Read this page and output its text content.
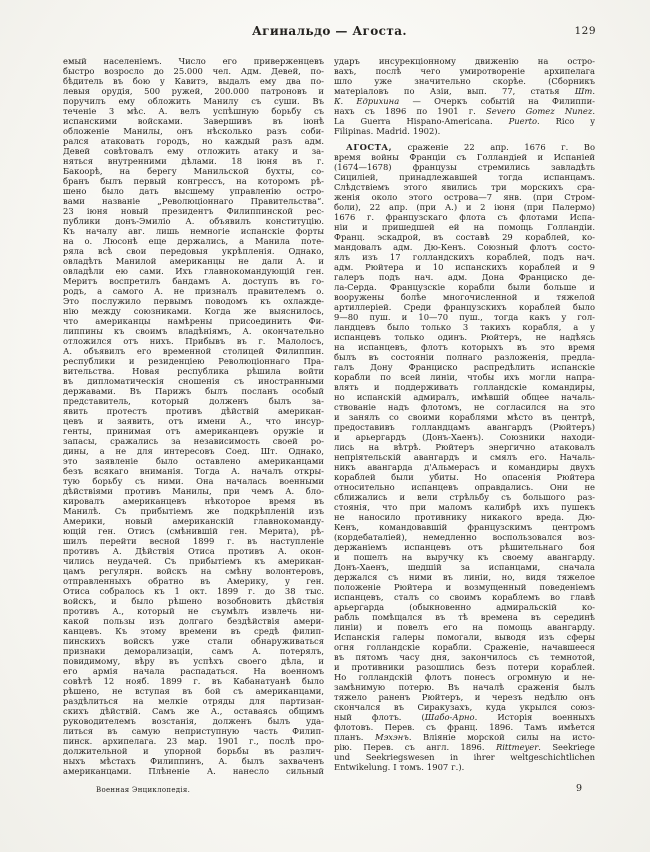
Агинальдо — Агоста.	129
емый населеніемъ. Число его приверженцевъ
быстро возросло до 25.000 чел. Адм. Девей, по-
бѣдитель въ бою у Кавитэ, выдалъ ему два по-
левыя орудія, 500 ружей, 200.000 патроновъ и
поручилъ ему обложить Манилу съ суши. Въ
теченіе 3 мѣс. А. велъ успѣшную борьбу съ
испанскими войсками. Завершивъ въ іюнѣ
обложеніе Манилы, онъ нѣсколько разъ соби-
рался атаковать городъ, но каждый разъ адм.
Девей совѣтовалъ ему отложить атаку и за-
няться внутренними дѣлами. 18 іюня въ г.
Бакоорѣ, на берегу Манильской бухты, со-
бранъ былъ первый конгрессъ, на которомъ рѣ-
шено было дать высшему управленію остро-
вами названіе „Революціоннаго Правительства“.
23 іюня новый президентъ Филиппинской рес-
публики донъ-Эмиліо А. объявилъ конституцію.
Къ началу авг. лишь немногіе испанскіе форты
на о. Люсонѣ еще держались, а Манила поте-
ряла всѣ свои передовыя укрѣпленія. Однако,
овладѣть Манилой американцы не дали А. и
овладѣли ею сами. Ихъ главнокомандующій ген.
Меритъ воспретилъ бандамъ А. доступъ въ го-
родъ, а самого А. не призналъ правителемъ о.
Это послужило первымъ поводомъ къ охлажде-
нію между союзниками. Когда же выяснилось,
что американцы намѣрены присоединить Фи-
липпины къ своимъ владѣніямъ, А. окончательно
отложился отъ нихъ. Прибывъ въ г. Малолосъ,
А. объявилъ его временной столицей Филиппин.
республики и резиденціею Революціоннаго Пра-
вительства. Новая республика рѣшила войти
въ дипломатическія сношенія съ иностранными
державами. Въ Парижъ былъ посланъ особый
представитель, который долженъ былъ за-
явить протестъ противъ дѣйствій американ-
цевъ и заявить, отъ имени А., что инсур-
генты, принимая отъ американцевъ оружіе и
запасы, сражались за независимость своей ро-
дины, а не для интересовъ Соед. Шт. Однако,
это заявленіе было оставлено американцами
безъ всякаго вниманія. Тогда А. началъ откры-
тую борьбу съ ними. Она началась военными
дѣйствіями противъ Манилы, при чемъ А. бло-
кировалъ американцевъ нѣкоторое время въ
Манилѣ. Съ прибытіемъ же подкрѣпленій изъ
Америки, новый американскій главнокоманду-
ющій ген. Отисъ (смѣнившій ген. Мерита), рѣ-
шилъ перейти весной 1899 г. въ наступленіе
противъ А. Дѣйствія Отиса противъ А. окон-
чились неудачей. Съ прибытіемъ къ американ-
цамъ регулярн. войскъ на смѣну волонтеровъ,
отправленныхъ обратно въ Америку, у ген.
Отиса собралось къ 1 окт. 1899 г. до 38 тыс.
войскъ, и было рѣшено возобновить дѣйствія
противъ А., который не съумѣлъ извлечь ни-
какой пользы изъ долгаго бездѣйствія амери-
канцевъ. Къ этому времени въ средѣ филип-
пинскихъ войскъ уже стали обнаруживаться
признаки деморализаціи, самъ А. потерялъ,
повидимому, вѣру въ успѣхъ своего дѣла, и
его армія начала распадаться. На военномъ
совѣтѣ 12 нояб. 1899 г. въ Кабанатуанѣ было
рѣшено, не вступая въ бой съ американцами,
раздѣлиться на мелкіе отряды для партизан-
скихъ дѣйствій. Самъ же А., оставаясь общимъ
руководителемъ возстанія, долженъ былъ уда-
литься въ самую неприступную часть Филип-
пинск. архипелага. 23 мар. 1901 г., послѣ про-
должительной и упорной борьбы въ различ-
ныхъ мѣстахъ Филиппинъ, А. былъ захваченъ
американцами. Плѣненіе А. нанесло сильный
ударъ инсурекціонному движенію на остро-
вахъ, послѣ чего умиротвореніе архипелага
шло уже значительно скорѣе. (Сборникъ
матеріаловъ по Азіи, вып. 77, статья Шт.
К. Едрихина — Очеркъ событій на Филиппи-
нахъ съ 1896 по 1901 г. Severo Gomez Nunez.
La Guerra Hispano-Americana. Puerto. Rico y
Filipinas. Madrid. 1902).
АГОСТА, сраженіе 22 апр. 1676 г. Во
время войны Франціи съ Голландіей и Испаніей
(1674—1678) французы стремились завладѣть
Сициліей, принадлежавшей тогда испанцамъ.
Слѣдствіемъ этого явились три морскихъ сра-
женія около этого острова—7 янв. (при Стром-
боли), 22 апр. (при А.) и 2 іюня (при Палермо)
1676 г. французскаго флота съ флотами Испа-
ніи и пришедшей ей на помощь Голландіи.
Франц. эскадрой, въ составѣ 29 кораблей, ко-
мандовалъ адм. Дю-Кенъ. Союзный флотъ состо-
ялъ изъ 17 голландскихъ кораблей, подъ нач.
адм. Рюйтера и 10 испанскихъ кораблей и 9
галеръ подъ нач. адм. Дона Франциско де-
ла-Серда. Французскіе корабли были больше и
вооружены болѣе многочисленной и тяжелой
артиллеріей. Среди французскихъ кораблей было
9—80 пуш. и 10—70 пуш., тогда какъ у гол-
ландцевъ было только 3 такихъ корабля, а у
испанцевъ только одинъ. Рюйтеръ, не надѣясь
на испанцевъ, флотъ которыхъ въ это время
былъ въ состояніи полнаго разложенія, предла-
галъ Дону Франциско распредѣлить испанскіе
корабли по всей линіи, чтобы ихъ могли напра-
влять и поддерживать голландскіе командиры,
но испанскій адмиралъ, имѣвшій общее началь-
ствованіе надъ флотомъ, не согласился на это
и занялъ со своими кораблями мѣсто въ центрѣ,
предоставивъ голландцамъ авангардъ (Рюйтеръ)
и арьергардъ (Донъ-Хаенъ). Союзники находи-
лись на вѣтрѣ. Рюйтеръ энергично атаковалъ
непріятельскій авангардъ и смялъ его. Началь-
никъ авангарда д'Альмерасъ и командиры двухъ
кораблей были убиты. Но опасенія Рюйтера
относительно испанцевъ оправдались. Они не
сближались и вели стрѣльбу съ большого раз-
стоянія, что при маломъ калибрѣ ихъ пушекъ
не наносило противнику никакого вреда. Дю-
Кенъ, командовавшій французскимъ центромъ
(кордебаталіей), немедленно воспользовался воз-
держаніемъ испанцевъ отъ рѣшительнаго боя
и пошелъ на выручку къ своему авангарду.
Донъ-Хаенъ, шедшій за испанцами, сначала
держался съ ними въ линіи, но, видя тяжелое
положеніе Рюйтера и возмущенный поведеніемъ
испанцевъ, сталъ со своимъ кораблемъ во главѣ
арьергарда (обыкновенно адмиральскій ко-
рабль помѣщался въ тѣ времена въ серединѣ
линіи) и повелъ его на помощь авангарду.
Испанскія галеры помогали, выводя изъ сферы
огня голландскіе корабли. Сраженіе, начавшееся
въ пятомъ часу дня, закончилось съ темнотой,
и противники разошлись безъ потери кораблей.
Но голландскій флотъ понесъ огромную и не-
замѣнимую потерю. Въ началѣ сраженія былъ
тяжело раненъ Рюйтеръ, и черезъ недѣлю онъ
скончался въ Сиракузахъ, куда укрылся союз-
ный флотъ. (Шабо-Арно. Исторія военныхъ
флотовъ. Перев. съ франц. 1896. Тамъ имѣется
планъ. Мэхэнъ. Вліяніе морской силы на исто-
рію. Перев. съ англ. 1896. Rittmeyer. Seekriege
und Seekriegswesen in ihrer weltgeschichtlichen
Entwikelung. I томъ. 1907 г.).
Военная Энциклопедія.	9
